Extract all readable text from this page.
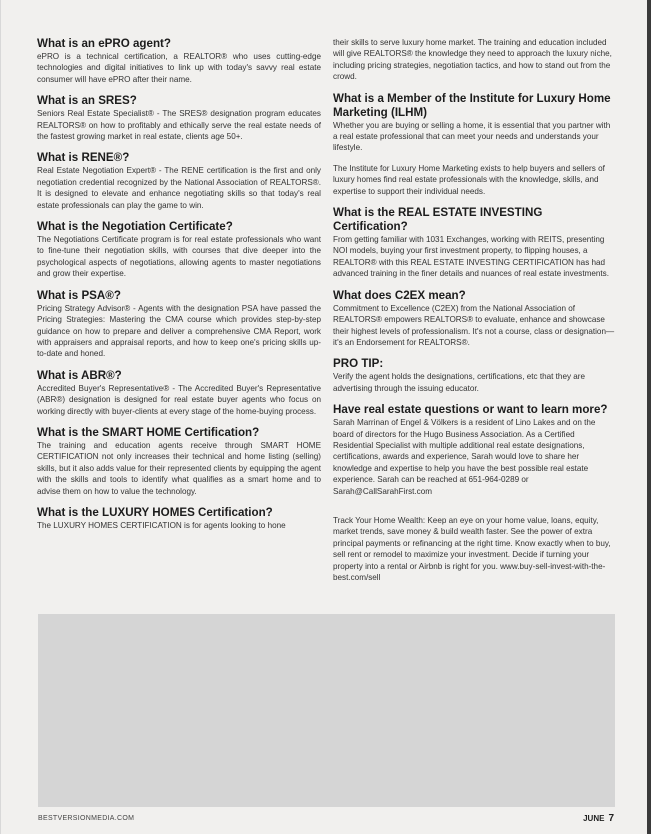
What is an ePRO agent?

ePRO is a technical certification, a REALTOR® who uses cutting-edge technologies and digital initiatives to link up with today's savvy real estate consumer will have ePRO after their name.

What is an SRES?

Seniors Real Estate Specialist® - The SRES® designation program educates REALTORS® on how to profitably and ethically serve the real estate needs of the fastest growing market in real estate, clients age 50+.

What is RENE®?

Real Estate Negotiation Expert® - The RENE certification is the first and only negotiation credential recognized by the National Association of REALTORS®. It is designed to elevate and enhance negotiating skills so that today's real estate professionals can play the game to win.

What is the Negotiation Certificate?

The Negotiations Certificate program is for real estate professionals who want to fine-tune their negotiation skills, with courses that dive deeper into the psychological aspects of negotiations, allowing agents to master negotiations and grow their expertise.

What is PSA®?

Pricing Strategy Advisor® - Agents with the designation PSA have passed the Pricing Strategies: Mastering the CMA course which provides step-by-step guidance on how to prepare and deliver a comprehensive CMA Report, work with appraisers and appraisal reports, and how to keep one's pricing skills up-to-date and honed.

What is ABR®?

Accredited Buyer's Representative® - The Accredited Buyer's Representative (ABR®) designation is designed for real estate buyer agents who focus on working directly with buyer-clients at every stage of the home-buying process.

What is the SMART HOME Certification?

The training and education agents receive through SMART HOME CERTIFICATION not only increases their technical and home listing (selling) skills, but it also adds value for their represented clients by equipping the agent with the skills and tools to identify what qualifies as a smart home and to advise them on how to value the technology.

What is the LUXURY HOMES Certification?

The LUXURY HOMES CERTIFICATION is for agents looking to hone

their skills to serve luxury home market. The training and education included will give REALTORS® the knowledge they need to approach the luxury niche, including pricing strategies, negotiation tactics, and how to stand out from the crowd.

What is a Member of the Institute for Luxury Home Marketing (ILHM)

Whether you are buying or selling a home, it is essential that you partner with a real estate professional that can meet your needs and understands your lifestyle.

The Institute for Luxury Home Marketing exists to help buyers and sellers of luxury homes find real estate professionals with the knowledge, skills, and expertise to support their individual needs.

What is the REAL ESTATE INVESTING Certification?

From getting familiar with 1031 Exchanges, working with REITS, presenting NOI models, buying your first investment property, to flipping houses, a REALTOR® with this REAL ESTATE INVESTING CERTIFICATION has had advanced training in the finer details and nuances of real estate investments.

What does C2EX mean?

Commitment to Excellence (C2EX) from the National Association of REALTORS® empowers REALTORS® to evaluate, enhance and showcase their highest levels of professionalism. It's not a course, class or designation—it's an Endorsement for REALTORS®.

PRO TIP:

Verify the agent holds the designations, certifications, etc that they are advertising through the issuing educator.

Have real estate questions or want to learn more?

Sarah Marrinan of Engel & Völkers is a resident of Lino Lakes and on the board of directors for the Hugo Business Association. As a Certified Residential Specialist with multiple additional real estate designations, certifications, awards and experience, Sarah would love to share her knowledge and expertise to help you have the best possible real estate experience. Sarah can be reached at 651-964-0289 or Sarah@CallSarahFirst.com

Track Your Home Wealth: Keep an eye on your home value, loans, equity, market trends, save money & build wealth faster. See the power of extra principal payments or refinancing at the right time. Know exactly when to buy, sell rent or remodel to maximize your investment. Decide if turning your property into a rental or Airbnb is right for you. www.buy-sell-invest-with-the-best.com/sell

BESTVERSIONMEDIA.COM	JUNE 7
